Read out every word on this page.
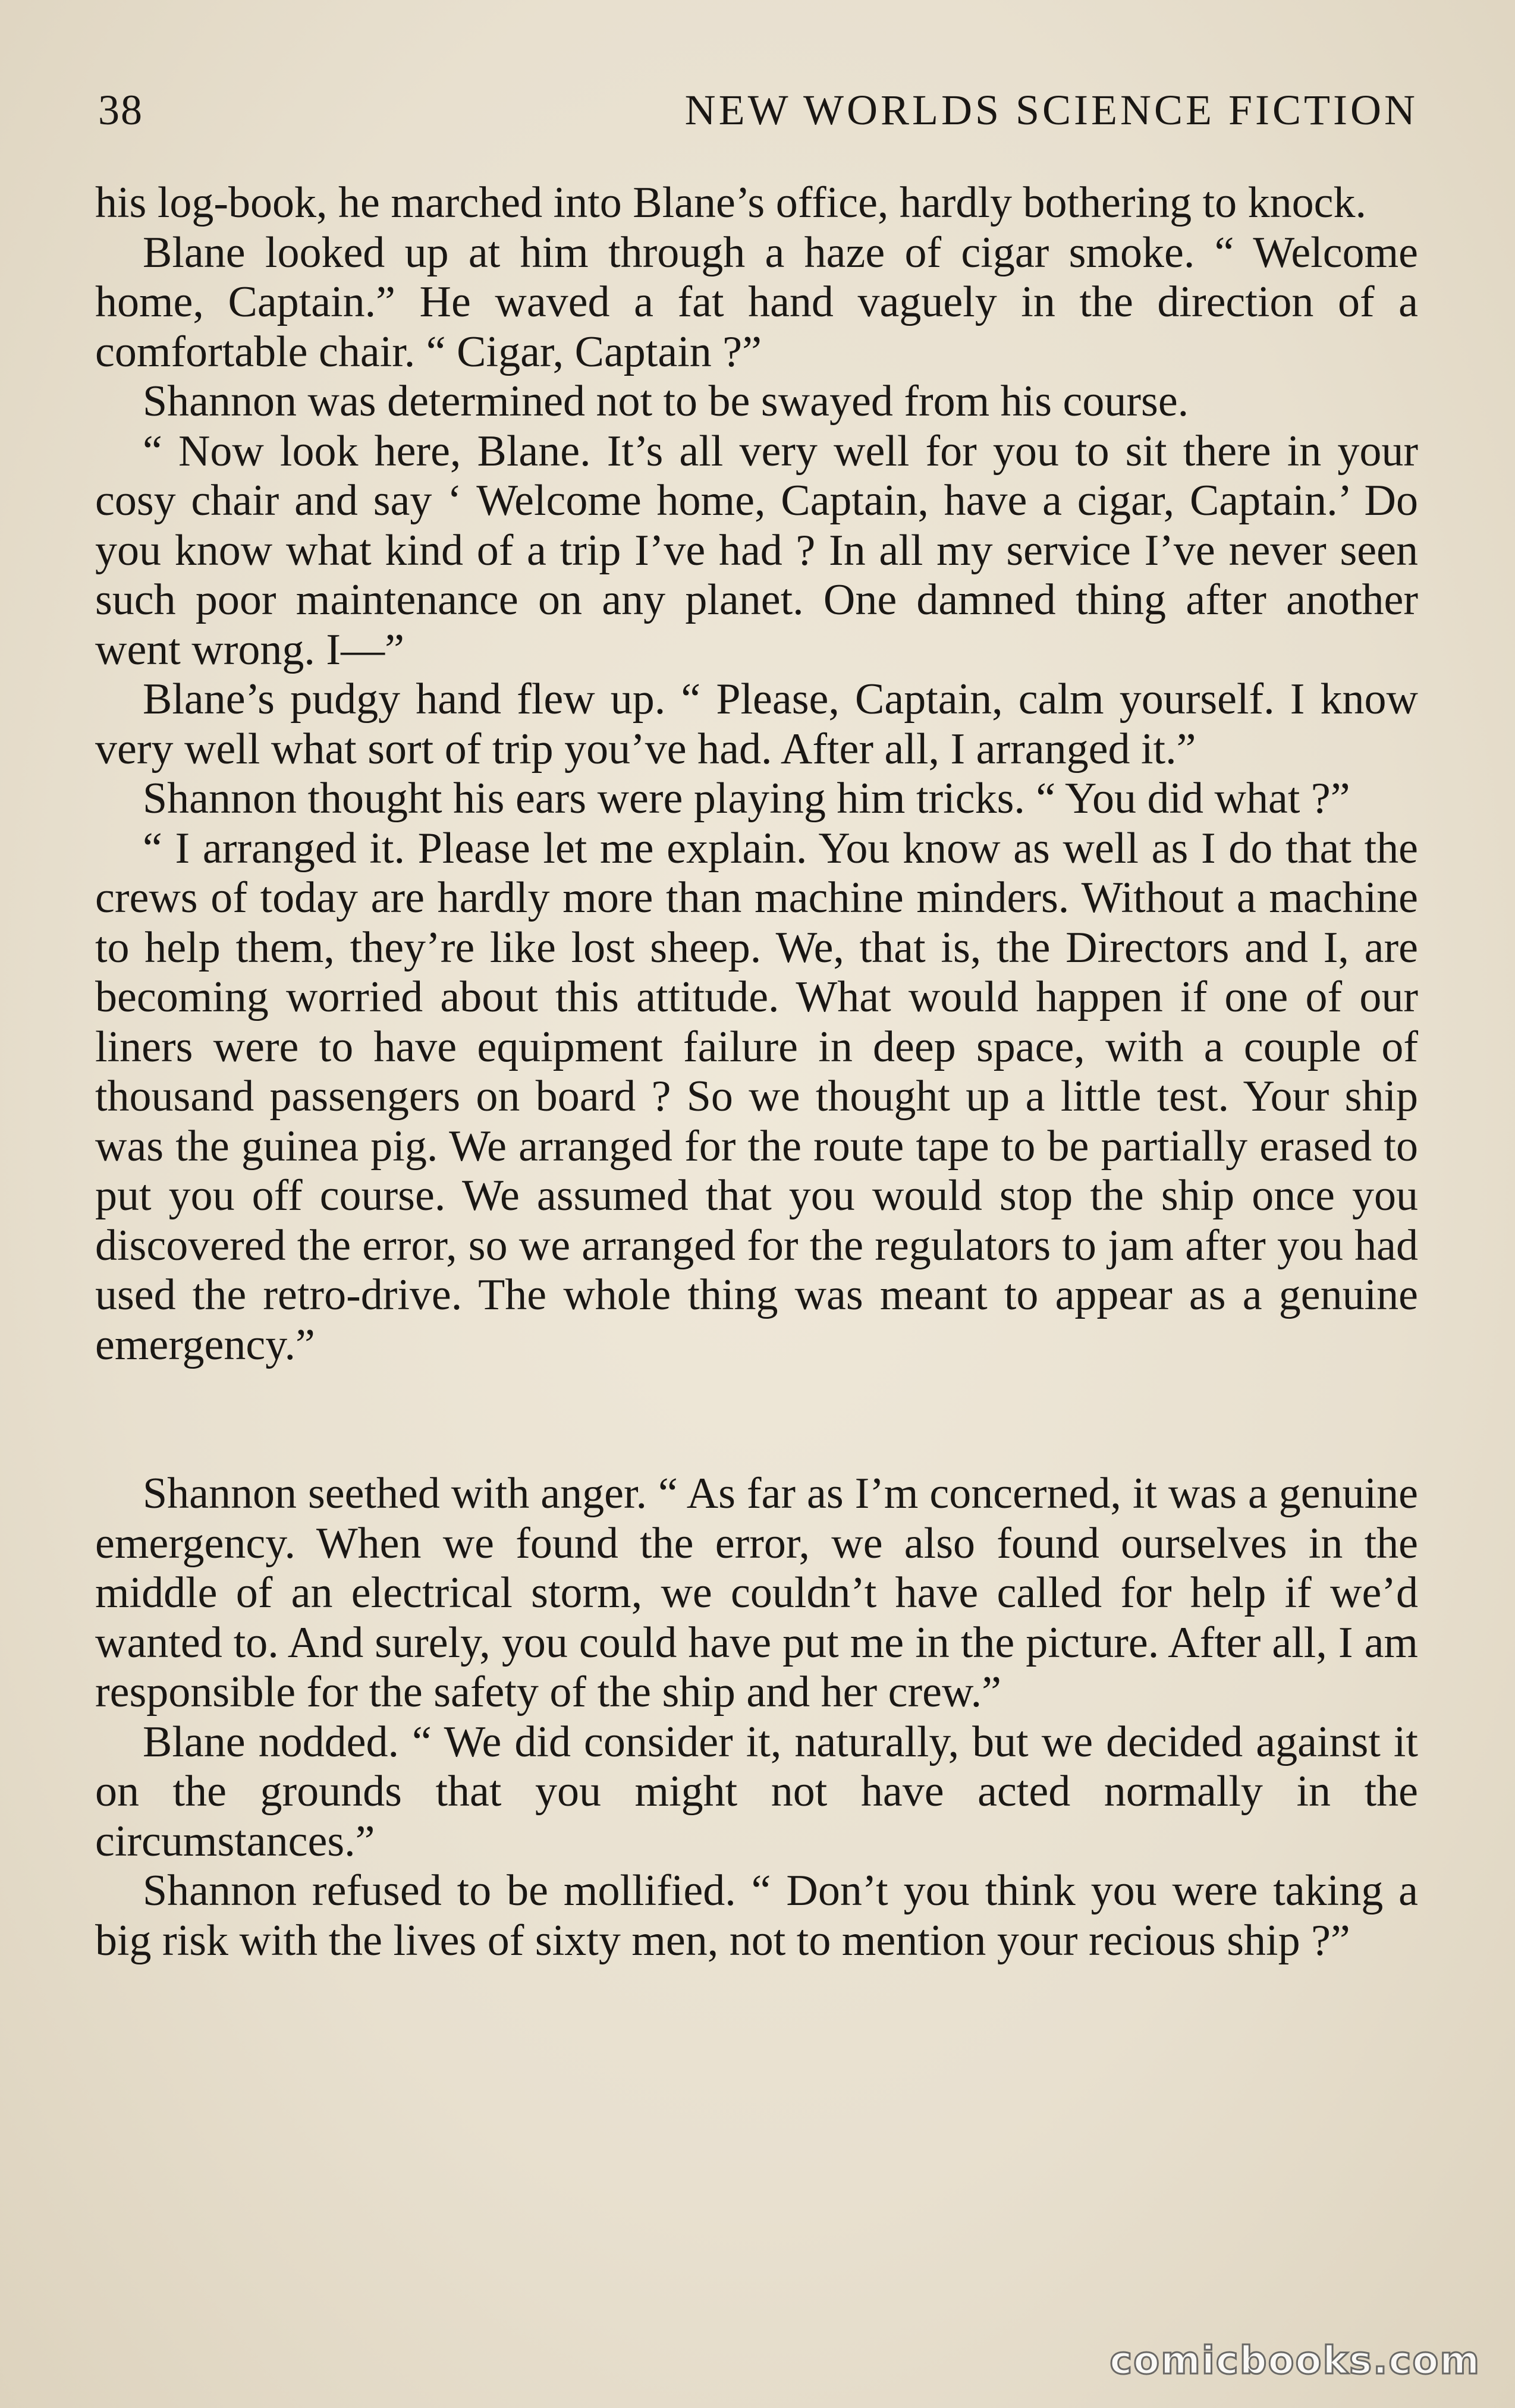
38	NEW WORLDS SCIENCE FICTION

his log-book, he marched into Blane’s office, hardly bothering to knock.

Blane looked up at him through a haze of cigar smoke. “ Welcome home, Captain.” He waved a fat hand vaguely in the direction of a comfortable chair. “ Cigar, Captain ?”

Shannon was determined not to be swayed from his course.

“ Now look here, Blane. It’s all very well for you to sit there in your cosy chair and say ‘ Welcome home, Captain, have a cigar, Captain.’ Do you know what kind of a trip I’ve had ? In all my service I’ve never seen such poor maintenance on any planet. One damned thing after another went wrong. I—”

Blane’s pudgy hand flew up. “ Please, Captain, calm yourself. I know very well what sort of trip you’ve had. After all, I arranged it.”

Shannon thought his ears were playing him tricks. “ You did what ?”

“ I arranged it. Please let me explain. You know as well as I do that the crews of today are hardly more than machine minders. Without a machine to help them, they’re like lost sheep. We, that is, the Directors and I, are becoming worried about this attitude. What would happen if one of our liners were to have equipment failure in deep space, with a couple of thousand passengers on board ? So we thought up a little test. Your ship was the guinea pig. We arranged for the route tape to be partially erased to put you off course. We assumed that you would stop the ship once you discovered the error, so we arranged for the regulators to jam after you had used the retro-drive. The whole thing was meant to appear as a genuine emergency.”

Shannon seethed with anger. “ As far as I’m concerned, it was a genuine emergency. When we found the error, we also found ourselves in the middle of an electrical storm, we couldn’t have called for help if we’d wanted to. And surely, you could have put me in the picture. After all, I am responsible for the safety of the ship and her crew.”

Blane nodded. “ We did consider it, naturally, but we decided against it on the grounds that you might not have acted normally in the circumstances.”

Shannon refused to be mollified. “ Don’t you think you were taking a big risk with the lives of sixty men, not to mention your recious ship ?”

comicbooks.com
